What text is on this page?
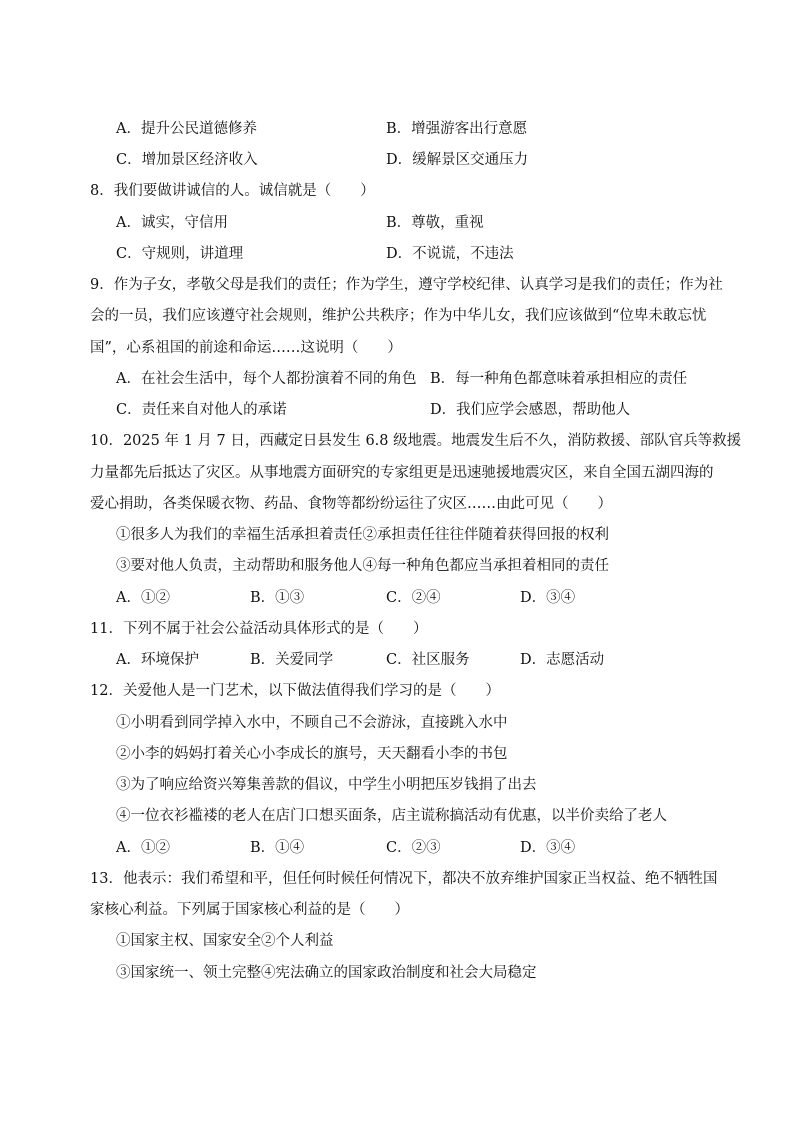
A．提升公民道德修养	B．增强游客出行意愿
C．增加景区经济收入	D．缓解景区交通压力
8．我们要做讲诚信的人。诚信就是（　　）
A．诚实，守信用	B．尊敬，重视
C．守规则，讲道理	D．不说谎，不违法
9．作为子女，孝敬父母是我们的责任；作为学生，遵守学校纪律、认真学习是我们的责任；作为社
会的一员，我们应该遵守社会规则，维护公共秩序；作为中华儿女，我们应该做到“位卑未敢忘忧
国”，心系祖国的前途和命运……这说明（　　）
A．在社会生活中，每个人都扮演着不同的角色 B．每一种角色都意味着承担相应的责任
C．责任来自对他人的承诺	D．我们应学会感恩，帮助他人
10．2025 年 1 月 7 日，西藏定日县发生 6.8 级地震。地震发生后不久，消防救援、部队官兵等救援
力量都先后抵达了灾区。从事地震方面研究的专家组更是迅速驰援地震灾区，来自全国五湖四海的
爱心捐助，各类保暖衣物、药品、食物等都纷纷运往了灾区……由此可见（　　）
①很多人为我们的幸福生活承担着责任②承担责任往往伴随着获得回报的权利
③要对他人负责，主动帮助和服务他人④每一种角色都应当承担着相同的责任
A．①②	B．①③	C．②④	D．③④
11．下列不属于社会公益活动具体形式的是（　　）
A．环境保护	B．关爱同学	C．社区服务	D．志愿活动
12．关爱他人是一门艺术，以下做法值得我们学习的是（　　）
①小明看到同学掉入水中，不顾自己不会游泳，直接跳入水中
②小李的妈妈打着关心小李成长的旗号，天天翻看小李的书包
③为了响应给资兴筹集善款的倡议，中学生小明把压岁钱捐了出去
④一位衣衫褴褛的老人在店门口想买面条，店主谎称搞活动有优惠，以半价卖给了老人
A．①②	B．①④	C．②③	D．③④
13．他表示：我们希望和平，但任何时候任何情况下，都决不放弃维护国家正当权益、绝不牺牲国
家核心利益。下列属于国家核心利益的是（　　）
①国家主权、国家安全②个人利益
③国家统一、领土完整④宪法确立的国家政治制度和社会大局稳定
